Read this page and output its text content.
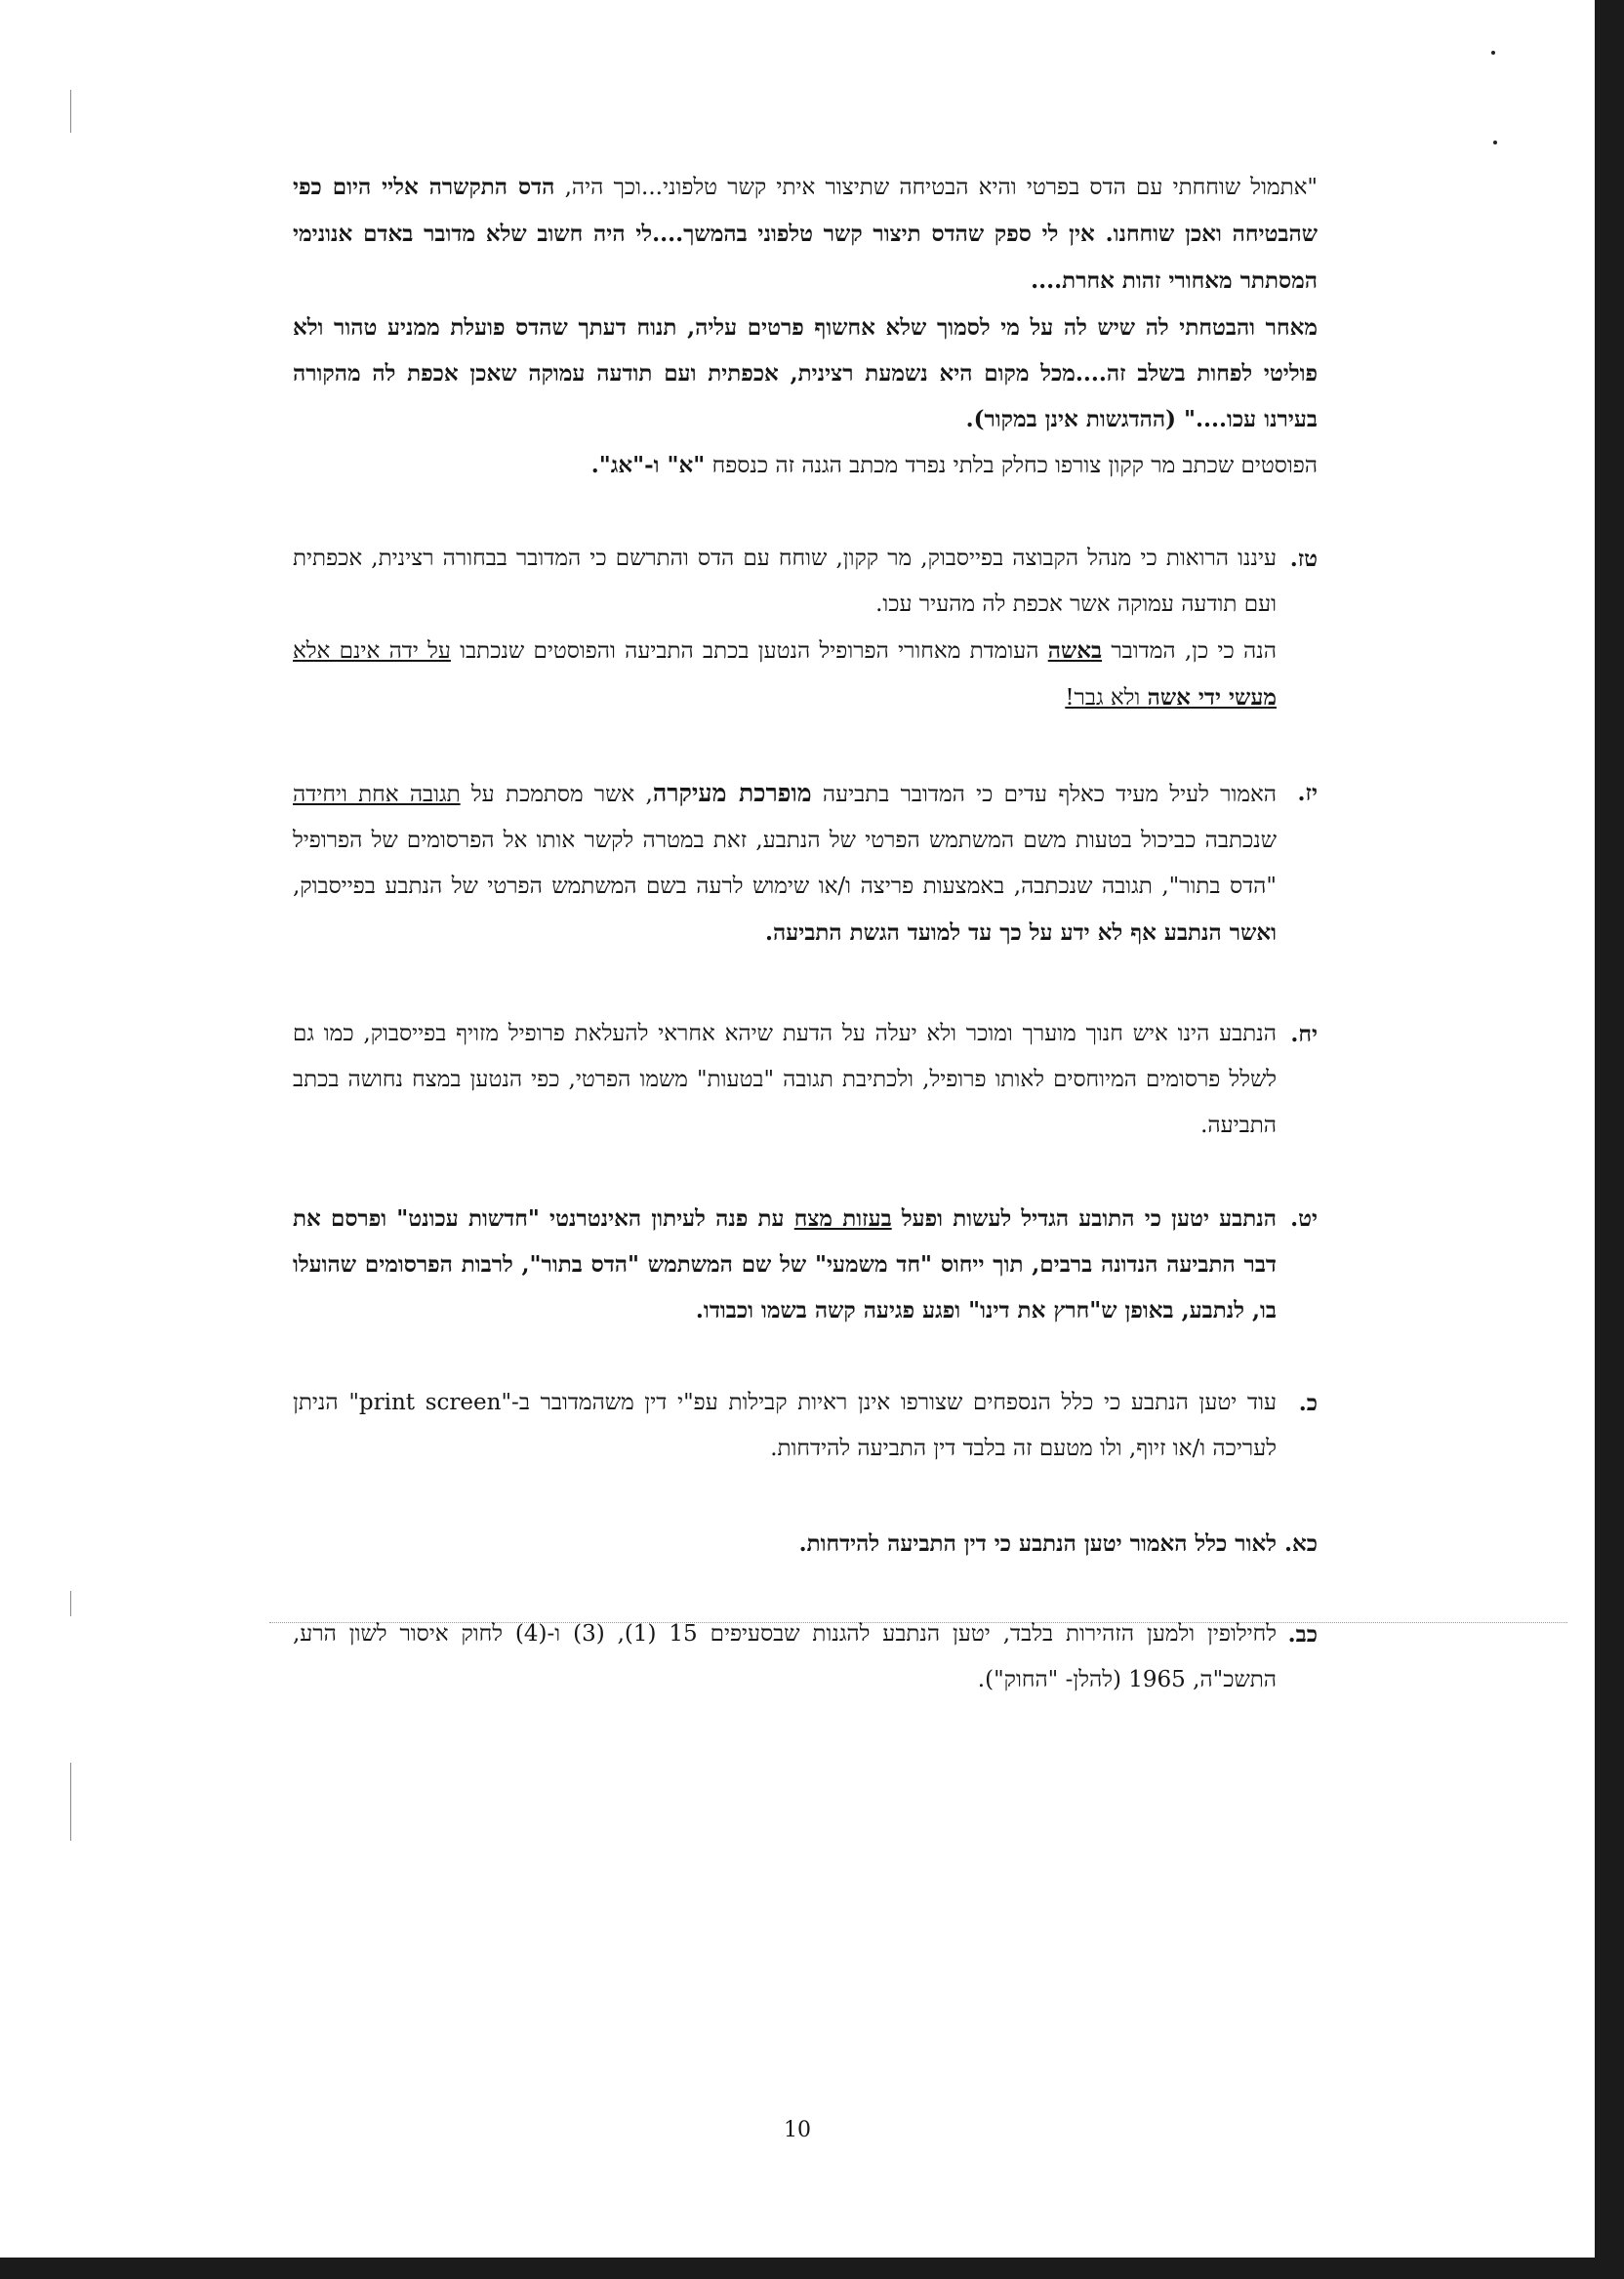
"אתמול שוחחתי עם הדס בפרטי והיא הבטיחה שתיצור איתי קשר טלפוני...וכך היה, הדס התקשרה אליי היום כפי שהבטיחה ואכן שוחחנו. אין לי ספק שהדס תיצור קשר טלפוני בהמשך....לי היה חשוב שלא מדובר באדם אנונימי המסתתר מאחורי זהות אחרת....

מאחר והבטחתי לה שיש לה על מי לסמוך שלא אחשוף פרטים עליה, תנוח דעתך שהדס פועלת ממניע טהור ולא פוליטי לפחות בשלב זה....מכל מקום היא נשמעת רצינית, אכפתית ועם תודעה עמוקה שאכן אכפת לה מהקורה בעירנו עכו...." (ההדגשות אינן במקור).

הפוסטים שכתב מר קקון צורפו כחלק בלתי נפרד מכתב הגנה זה כנספח "א" ו-"אג".

טז.

עיננו הרואות כי מנהל הקבוצה בפייסבוק, מר קקון, שוחח עם הדס והתרשם כי המדובר בבחורה רצינית, אכפתית ועם תודעה עמוקה אשר אכפת לה מהעיר עכו.

הנה כי כן, המדובר באשה העומדת מאחורי הפרופיל הנטען בכתב התביעה והפוסטים שנכתבו על ידה אינם אלא מעשי ידי אשה ולא גבר!

יז.

האמור לעיל מעיד כאלף עדים כי המדובר בתביעה מופרכת מעיקרה, אשר מסתמכת על תגובה אחת ויחידה שנכתבה כביכול בטעות משם המשתמש הפרטי של הנתבע, זאת במטרה לקשר אותו אל הפרסומים של הפרופיל "הדס בתור", תגובה שנכתבה, באמצעות פריצה ו/או שימוש לרעה בשם המשתמש הפרטי של הנתבע בפייסבוק, ואשר הנתבע אף לא ידע על כך עד למועד הגשת התביעה.

יח.

הנתבע הינו איש חנוך מוערך ומוכר ולא יעלה על הדעת שיהא אחראי להעלאת פרופיל מזויף בפייסבוק, כמו גם לשלל פרסומים המיוחסים לאותו פרופיל, ולכתיבת תגובה "בטעות" משמו הפרטי, כפי הנטען במצח נחושה בכתב התביעה.

יט.

הנתבע יטען כי התובע הגדיל לעשות ופעל בעזות מצח עת פנה לעיתון האינטרנטי "חדשות עכונט" ופרסם את דבר התביעה הנדונה ברבים, תוך ייחוס "חד משמעי" של שם המשתמש "הדס בתור", לרבות הפרסומים שהועלו בו, לנתבע, באופן ש"חרץ את דינו" ופגע פגיעה קשה בשמו וכבודו.

כ.

עוד יטען הנתבע כי כלל הנספחים שצורפו אינן ראיות קבילות עפ"י דין משהמדובר ב-"print screen" הניתן לעריכה ו/או זיוף, ולו מטעם זה בלבד דין התביעה להידחות.

כא.

לאור כלל האמור יטען הנתבע כי דין התביעה להידחות.

כב.

לחילופין ולמען הזהירות בלבד, יטען הנתבע להגנות שבסעיפים 15 (1), (3) ו-(4) לחוק איסור לשון הרע, התשכ"ה, 1965 (להלן- "החוק").

10
